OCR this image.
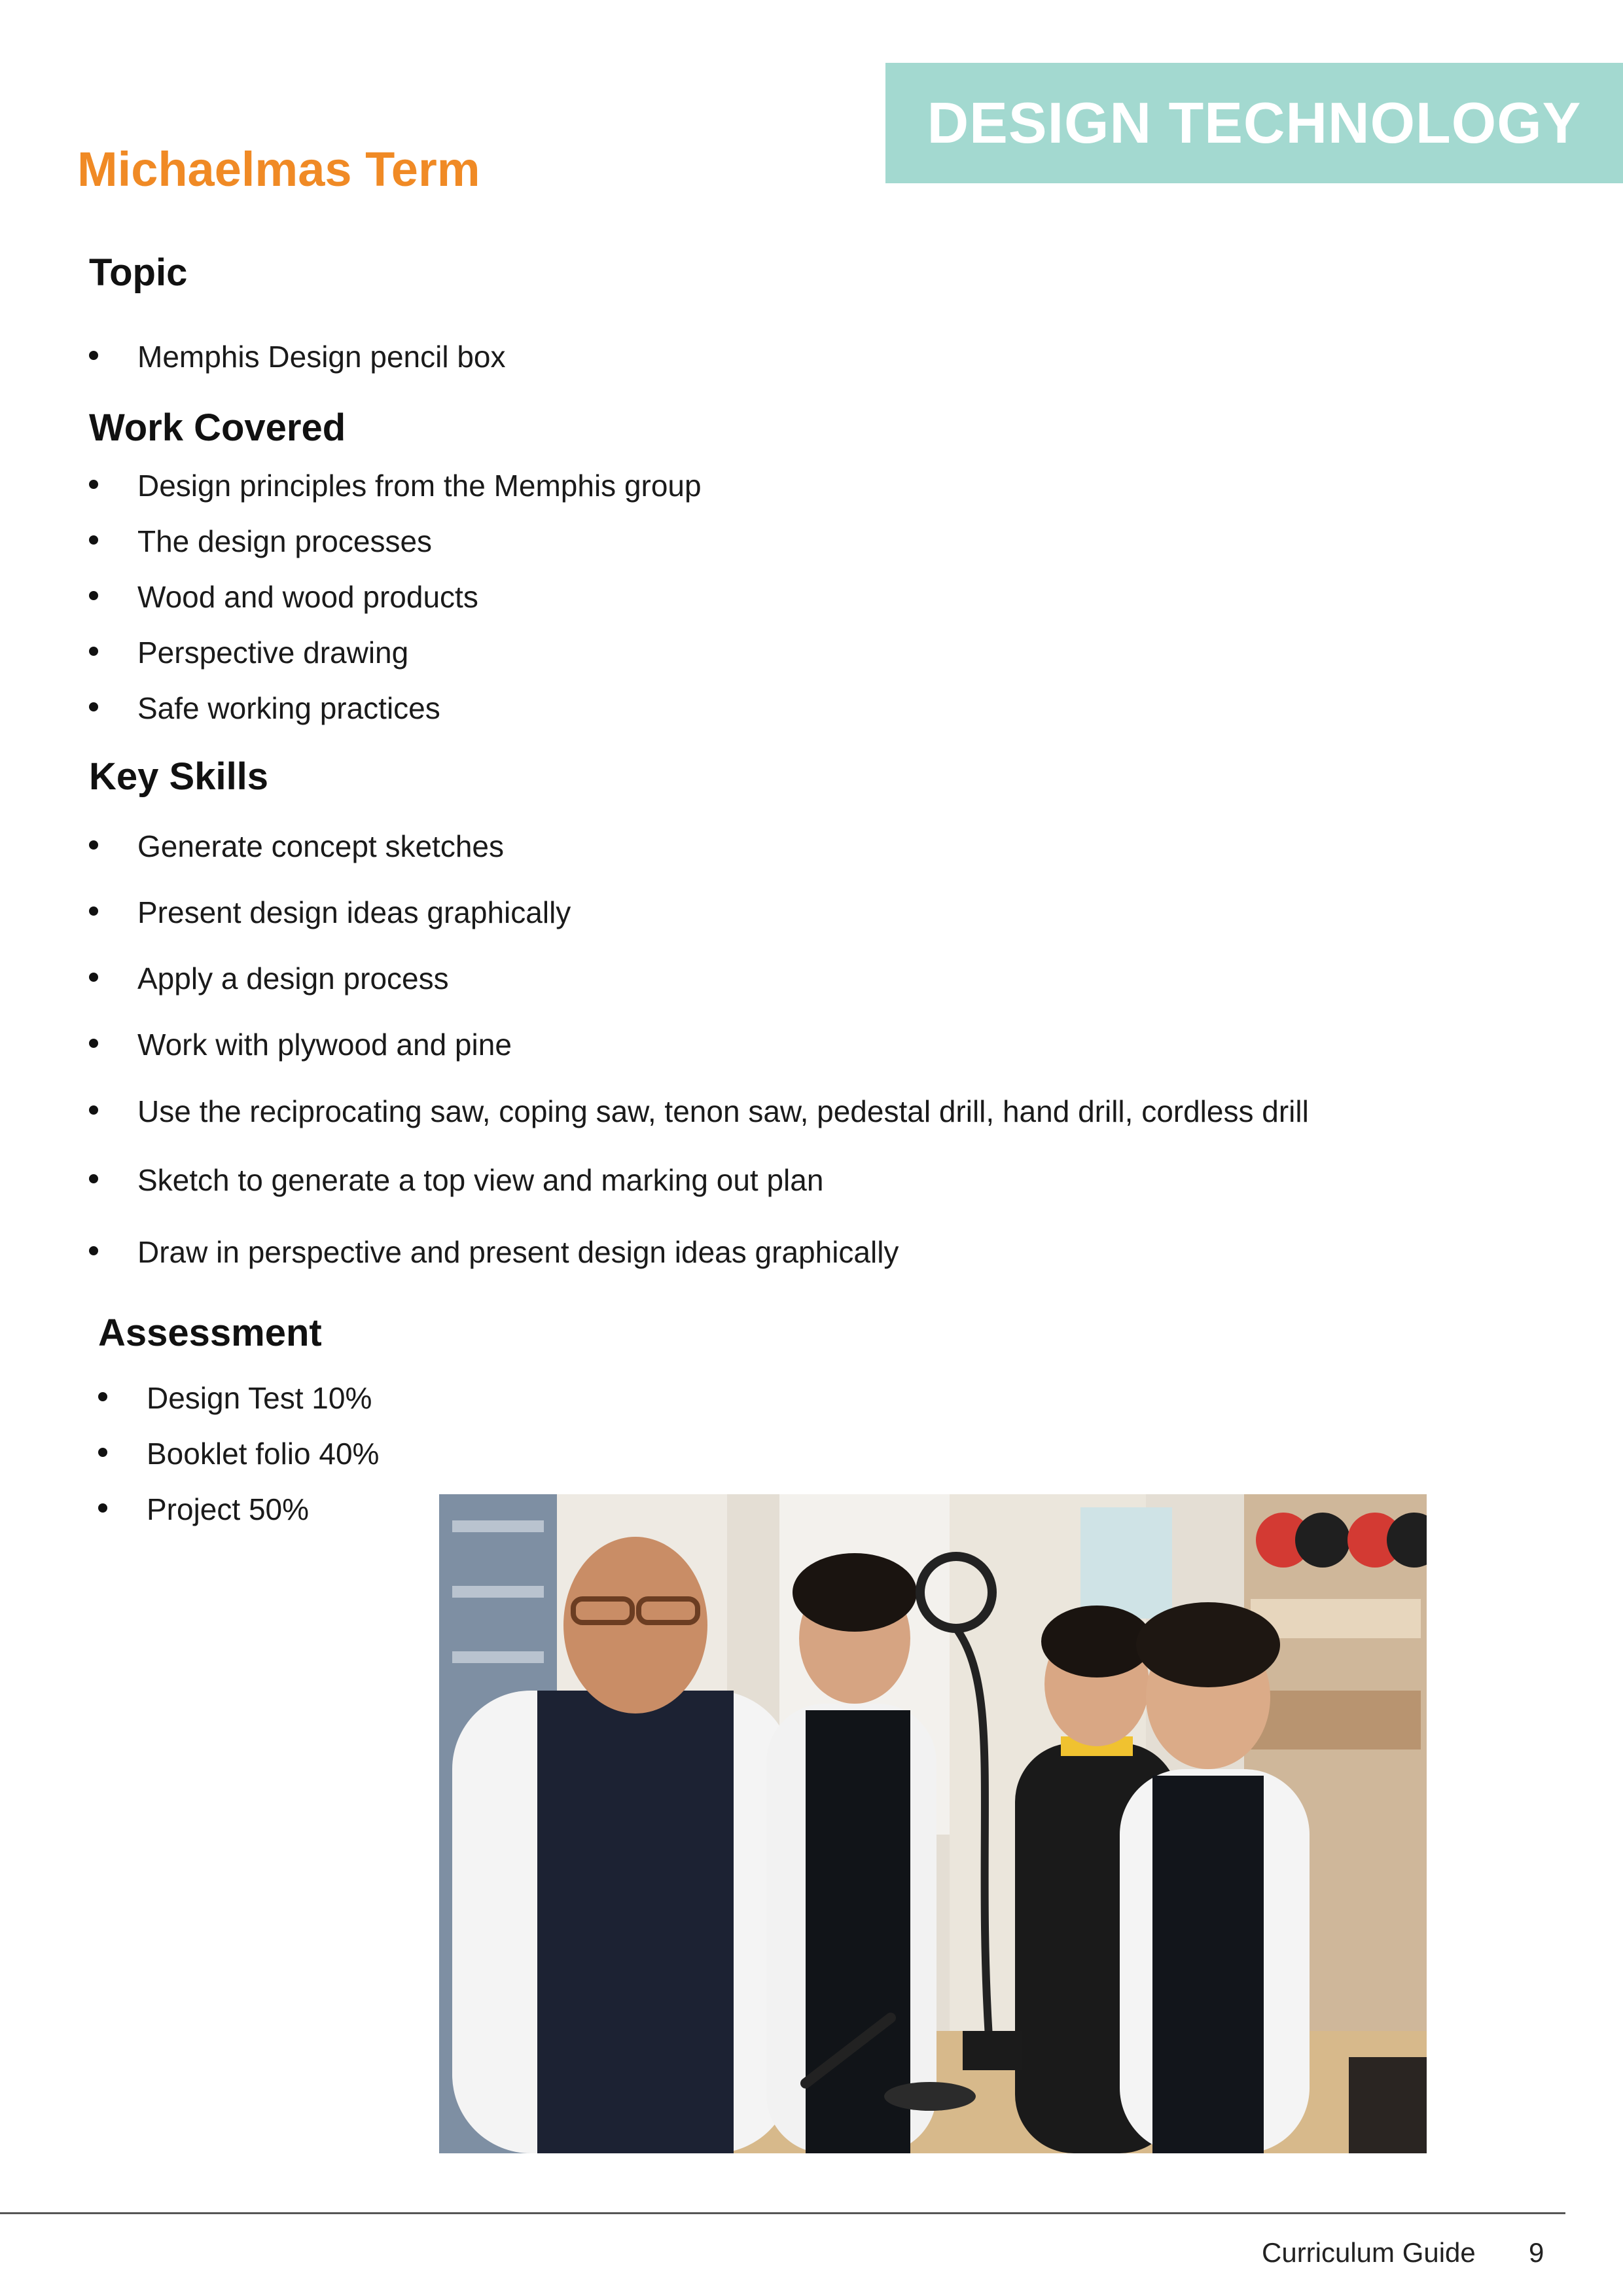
DESIGN TECHNOLOGY
Michaelmas Term
Topic
Memphis Design pencil box
Work Covered
Design principles from the Memphis group
The design processes
Wood and wood products
Perspective drawing
Safe working practices
Key Skills
Generate concept sketches
Present design ideas graphically
Apply a design process
Work with plywood and pine
Use the reciprocating saw, coping saw, tenon saw, pedestal drill, hand drill, cordless drill
Sketch to generate a top view and marking out plan
Draw in perspective and present design ideas graphically
Assessment
Design Test 10%
Booklet folio 40%
Project 50%
Curriculum Guide 9
